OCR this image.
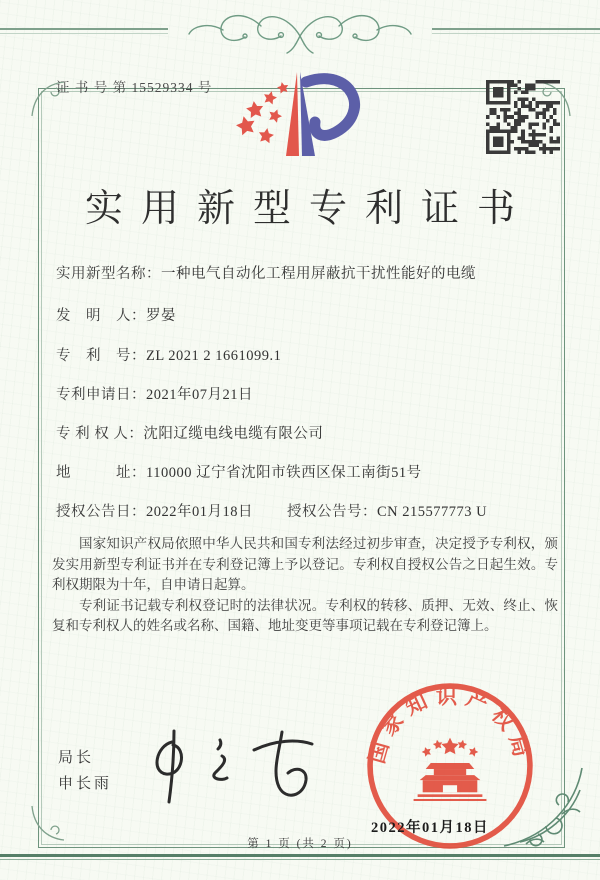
证 书 号 第 15529334 号
实用新型专利证书
实用新型名称：一种电气自动化工程用屏蔽抗干扰性能好的电缆
发　明　人：罗晏
专　利　号：ZL 2021 2 1661099.1
专利申请日：2021年07月21日
专 利 权 人：沈阳辽缆电线电缆有限公司
地　　　址：110000 辽宁省沈阳市铁西区保工南街51号
授权公告日：2022年01月18日 授权公告号：CN 215577773 U

国家知识产权局依照中华人民共和国专利法经过初步审查，决定授予专利权，颁发实用新型专利证书并在专利登记簿上予以登记。专利权自授权公告之日起生效。专利权期限为十年，自申请日起算。

专利证书记载专利权登记时的法律状况。专利权的转移、质押、无效、终止、恢复和专利权人的姓名或名称、国籍、地址变更等事项记载在专利登记簿上。

局长
申长雨
国家知识产权局
2022年01月18日
第 1 页 (共 2 页)
